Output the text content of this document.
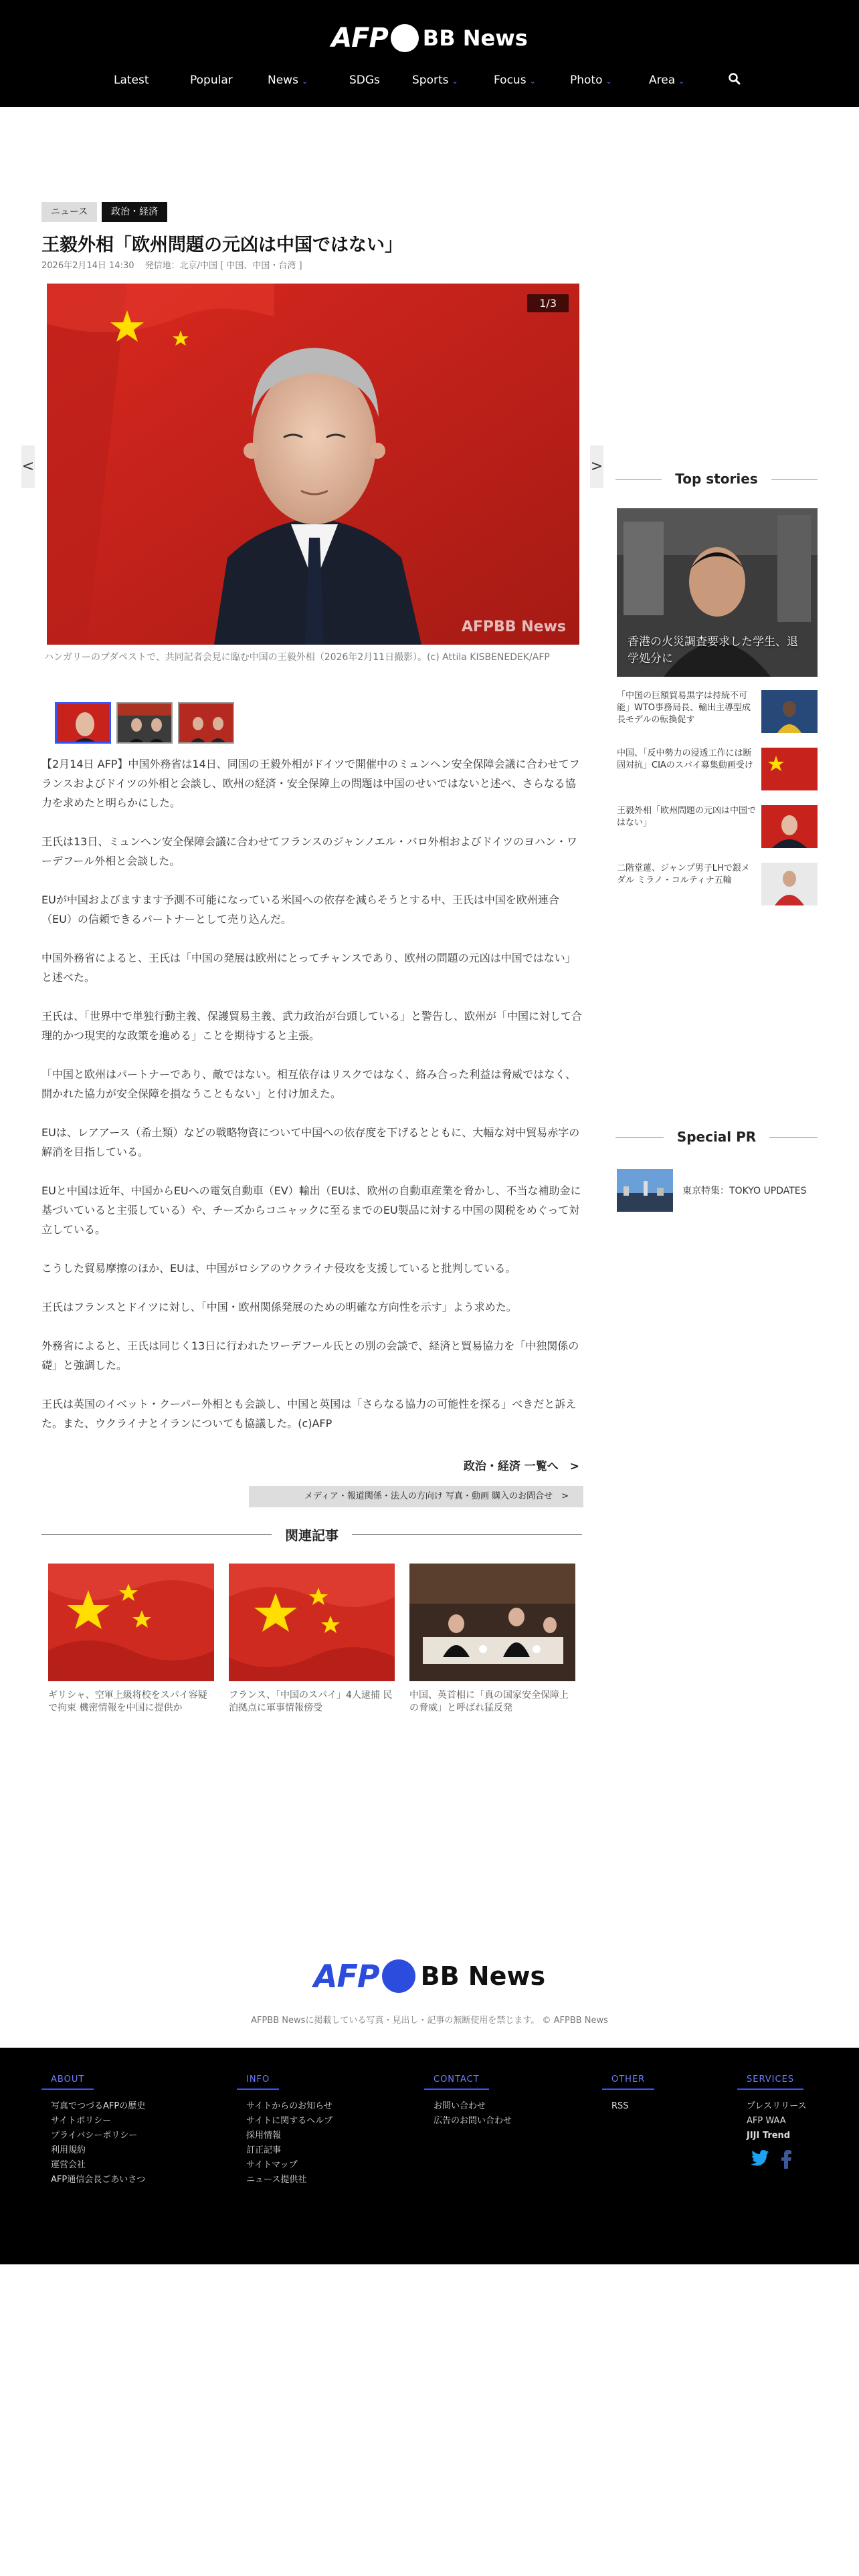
AFP BB News
Latest	Popular	News ⌄	SDGs	Sports ⌄	Focus ⌄	Photo ⌄	Area ⌄
ニュース	政治・経済
王毅外相「欧州問題の元凶は中国ではない」
2026年2月14日 14:30 発信地：北京/中国 [ 中国、中国・台湾 ]
<
1/3
AFPBB News
>
ハンガリーのブダペストで、共同記者会見に臨む中国の王毅外相（2026年2月11日撮影）。(c) Attila KISBENEDEK/AFP

【2月14日 AFP】中国外務省は14日、同国の王毅外相がドイツで開催中のミュンヘン安全保障会議に合わせてフランスおよびドイツの外相と会談し、欧州の経済・安全保障上の問題は中国のせいではないと述べ、さらなる協力を求めたと明らかにした。

王氏は13日、ミュンヘン安全保障会議に合わせてフランスのジャンノエル・バロ外相およびドイツのヨハン・ワーデフール外相と会談した。

EUが中国およびますます予測不可能になっている米国への依存を減らそうとする中、王氏は中国を欧州連合（EU）の信頼できるパートナーとして売り込んだ。

中国外務省によると、王氏は「中国の発展は欧州にとってチャンスであり、欧州の問題の元凶は中国ではない」と述べた。

王氏は、「世界中で単独行動主義、保護貿易主義、武力政治が台頭している」と警告し、欧州が「中国に対して合理的かつ現実的な政策を進める」ことを期待すると主張。

「中国と欧州はパートナーであり、敵ではない。相互依存はリスクではなく、絡み合った利益は脅威ではなく、開かれた協力が安全保障を損なうこともない」と付け加えた。

EUは、レアアース（希土類）などの戦略物資について中国への依存度を下げるとともに、大幅な対中貿易赤字の解消を目指している。

EUと中国は近年、中国からEUへの電気自動車（EV）輸出（EUは、欧州の自動車産業を脅かし、不当な補助金に基づいていると主張している）や、チーズからコニャックに至るまでのEU製品に対する中国の関税をめぐって対立している。

こうした貿易摩擦のほか、EUは、中国がロシアのウクライナ侵攻を支援していると批判している。

王氏はフランスとドイツに対し、「中国・欧州関係発展のための明確な方向性を示す」よう求めた。

外務省によると、王氏は同じく13日に行われたワーデフール氏との別の会談で、経済と貿易協力を「中独関係の礎」と強調した。

王氏は英国のイベット・クーパー外相とも会談し、中国と英国は「さらなる協力の可能性を探る」べきだと訴えた。また、ウクライナとイランについても協議した。(c)AFP

政治・経済 一覧へ　>
メディア・報道関係・法人の方向け 写真・動画 購入のお問合せ　>
関連記事
ギリシャ、空軍上級将校をスパイ容疑で拘束 機密情報を中国に提供か
フランス、「中国のスパイ」4人逮捕 民泊拠点に軍事情報傍受
中国、英首相に「真の国家安全保障上の脅威」と呼ばれ猛反発
Top stories
香港の火災調査要求した学生、退学処分に
「中国の巨額貿易黒字は持続不可能」WTO事務局長、輸出主導型成長モデルの転換促す
中国、「反中勢力の浸透工作には断固対抗」CIAのスパイ募集動画受け
王毅外相「欧州問題の元凶は中国ではない」
二階堂蓮、ジャンプ男子LHで銀メダル ミラノ・コルティナ五輪
Special PR
東京特集：TOKYO UPDATES
AFP BB News
AFPBB Newsに掲載している写真・見出し・記事の無断使用を禁じます。 © AFPBB News
ABOUT
写真でつづるAFPの歴史
サイトポリシー
プライバシーポリシー
利用規約
運営会社
AFP通信会長ごあいさつ
INFO
サイトからのお知らせ
サイトに関するヘルプ
採用情報
訂正記事
サイトマップ
ニュース提供社
CONTACT
お問い合わせ
広告のお問い合わせ
OTHER
RSS
SERVICES
プレスリリース
AFP WAA
JIJI Trend
